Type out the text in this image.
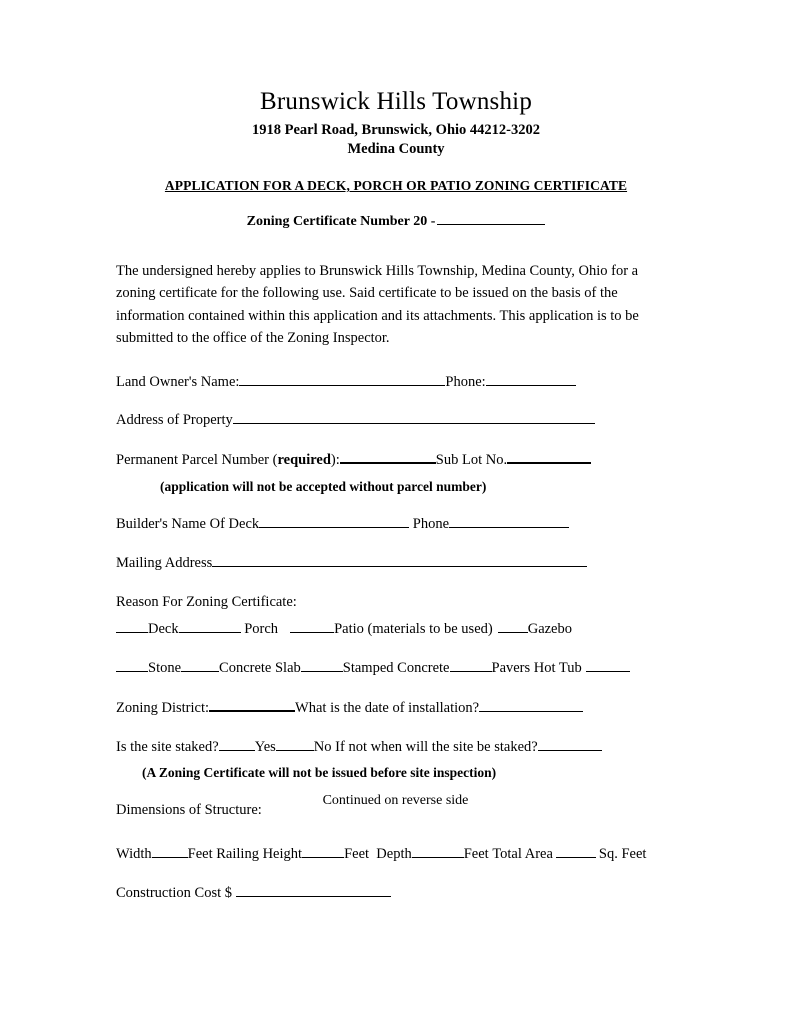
Brunswick Hills Township
1918 Pearl Road, Brunswick, Ohio 44212-3202
Medina County
APPLICATION FOR A DECK, PORCH OR PATIO ZONING CERTIFICATE
Zoning Certificate Number 20 -
The undersigned hereby applies to Brunswick Hills Township, Medina County, Ohio for a zoning certificate for the following use. Said certificate to be issued on the basis of the information contained within this application and its attachments. This application is to be submitted to the office of the Zoning Inspector.
Land Owner's Name:	Phone:
Address of Property
Permanent Parcel Number (required):	Sub Lot No.
(application will not be accepted without parcel number)
Builder's Name Of Deck	Phone
Mailing Address
Reason For Zoning Certificate:
Deck	Porch	Patio (materials to be used) Gazebo
Stone	Concrete Slab	Stamped Concrete	Pavers Hot Tub
Zoning District:	What is the date of installation?
Is the site staked? Yes	No If not when will the site be staked?
(A Zoning Certificate will not be issued before site inspection)
Dimensions of Structure:
Width Feet Railing Height	Feet Depth	Feet Total Area	Sq. Feet
Construction Cost $
Continued on reverse side
